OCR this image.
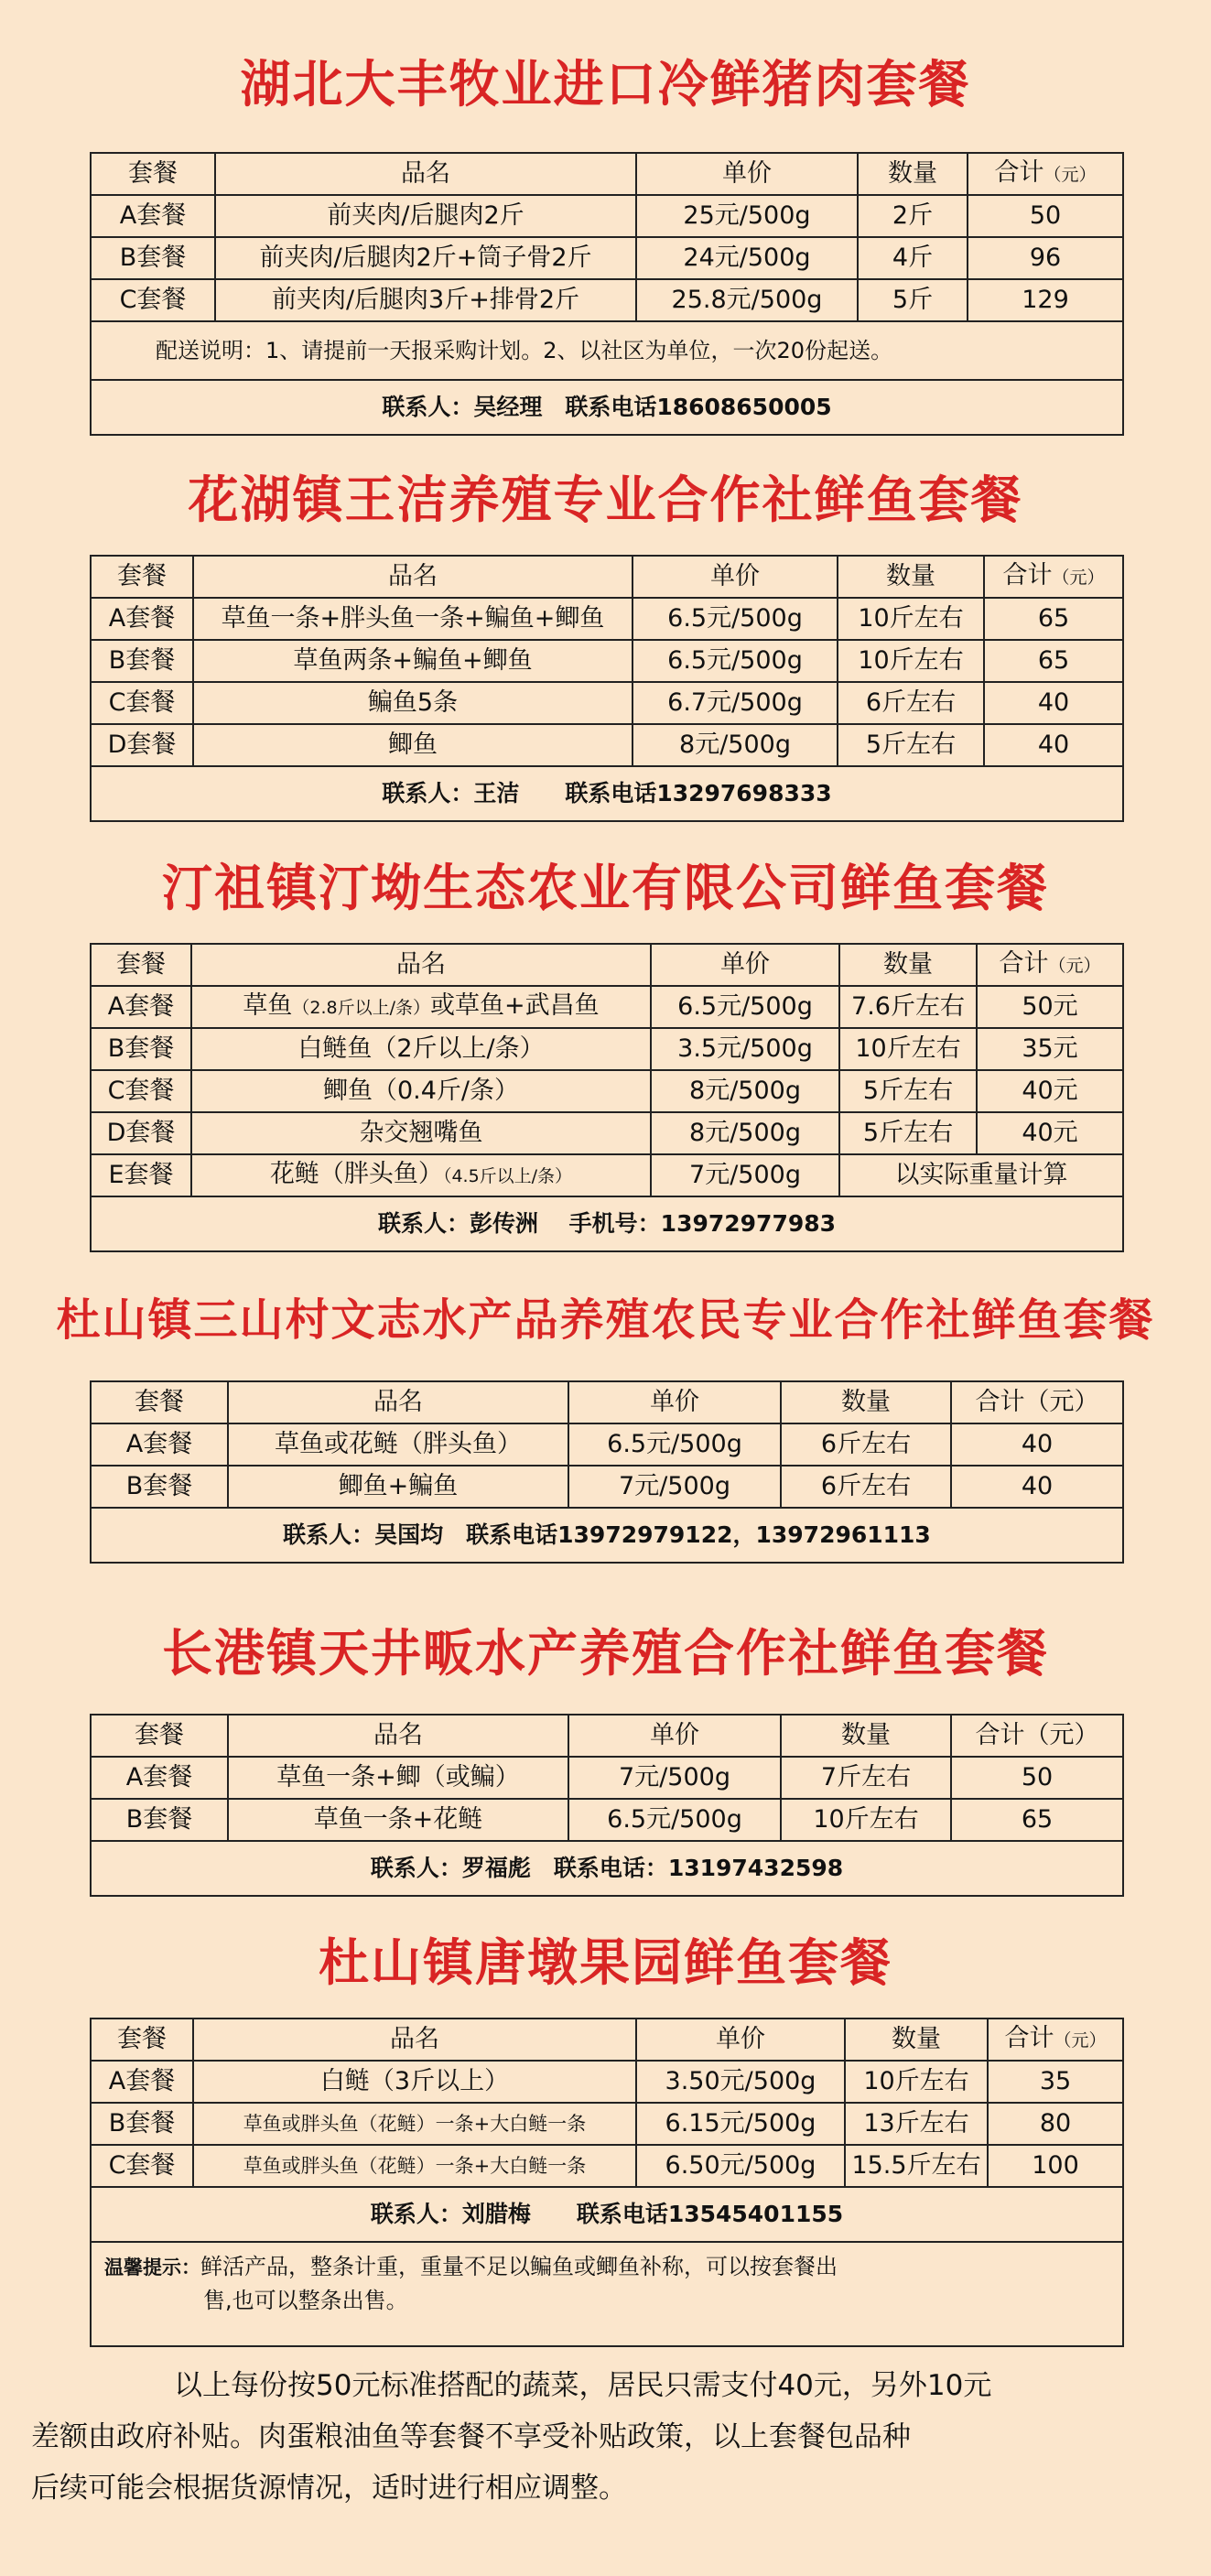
湖北大丰牧业进口冷鲜猪肉套餐
套餐	品名	单价	数量	合计（元）
A套餐	前夹肉/后腿肉2斤	25元/500g	2斤	50
B套餐	前夹肉/后腿肉2斤+筒子骨2斤	24元/500g	4斤	96
C套餐	前夹肉/后腿肉3斤+排骨2斤	25.8元/500g	5斤	129
配送说明：1、请提前一天报采购计划。2、以社区为单位，一次20份起送。				
联系人：吴经理　联系电话18608650005				
花湖镇王洁养殖专业合作社鲜鱼套餐
套餐	品名	单价	数量	合计（元）
A套餐	草鱼一条+胖头鱼一条+鳊鱼+鲫鱼	6.5元/500g	10斤左右	65
B套餐	草鱼两条+鳊鱼+鲫鱼	6.5元/500g	10斤左右	65
C套餐	鳊鱼5条	6.7元/500g	6斤左右	40
D套餐	鲫鱼	8元/500g	5斤左右	40
联系人：王洁　　联系电话13297698333				
汀祖镇汀坳生态农业有限公司鲜鱼套餐
套餐	品名	单价	数量	合计（元）
A套餐	草鱼（2.8斤以上/条）或草鱼+武昌鱼	6.5元/500g	7.6斤左右	50元
B套餐	白鲢鱼（2斤以上/条）	3.5元/500g	10斤左右	35元
C套餐	鲫鱼（0.4斤/条）	8元/500g	5斤左右	40元
D套餐	杂交翘嘴鱼	8元/500g	5斤左右	40元
E套餐	花鲢（胖头鱼）（4.5斤以上/条）	7元/500g	以实际重量计算	
联系人：彭传洲　 手机号：13972977983				
杜山镇三山村文志水产品养殖农民专业合作社鲜鱼套餐
套餐	品名	单价	数量	合计（元）
A套餐	草鱼或花鲢（胖头鱼）	6.5元/500g	6斤左右	40
B套餐	鲫鱼+鳊鱼	7元/500g	6斤左右	40
联系人：吴国均　联系电话13972979122，13972961113				
长港镇天井畈水产养殖合作社鲜鱼套餐
套餐	品名	单价	数量	合计（元）
A套餐	草鱼一条+鲫（或鳊）	7元/500g	7斤左右	50
B套餐	草鱼一条+花鲢	6.5元/500g	10斤左右	65
联系人：罗福彪　联系电话：13197432598				
杜山镇唐墩果园鲜鱼套餐
套餐	品名	单价	数量	合计（元）
A套餐	白鲢（3斤以上）	3.50元/500g	10斤左右	35
B套餐	草鱼或胖头鱼（花鲢）一条+大白鲢一条	6.15元/500g	13斤左右	80
C套餐	草鱼或胖头鱼（花鲢）一条+大白鲢一条	6.50元/500g	15.5斤左右	100
联系人：刘腊梅　　联系电话13545401155				
温馨提示：鲜活产品，整条计重，重量不足以鳊鱼或鲫鱼补称，可以按套餐出
售,也可以整条出售。				
以上每份按50元标准搭配的蔬菜，居民只需支付40元，另外10元
差额由政府补贴。肉蛋粮油鱼等套餐不享受补贴政策，以上套餐包品种
后续可能会根据货源情况，适时进行相应调整。
